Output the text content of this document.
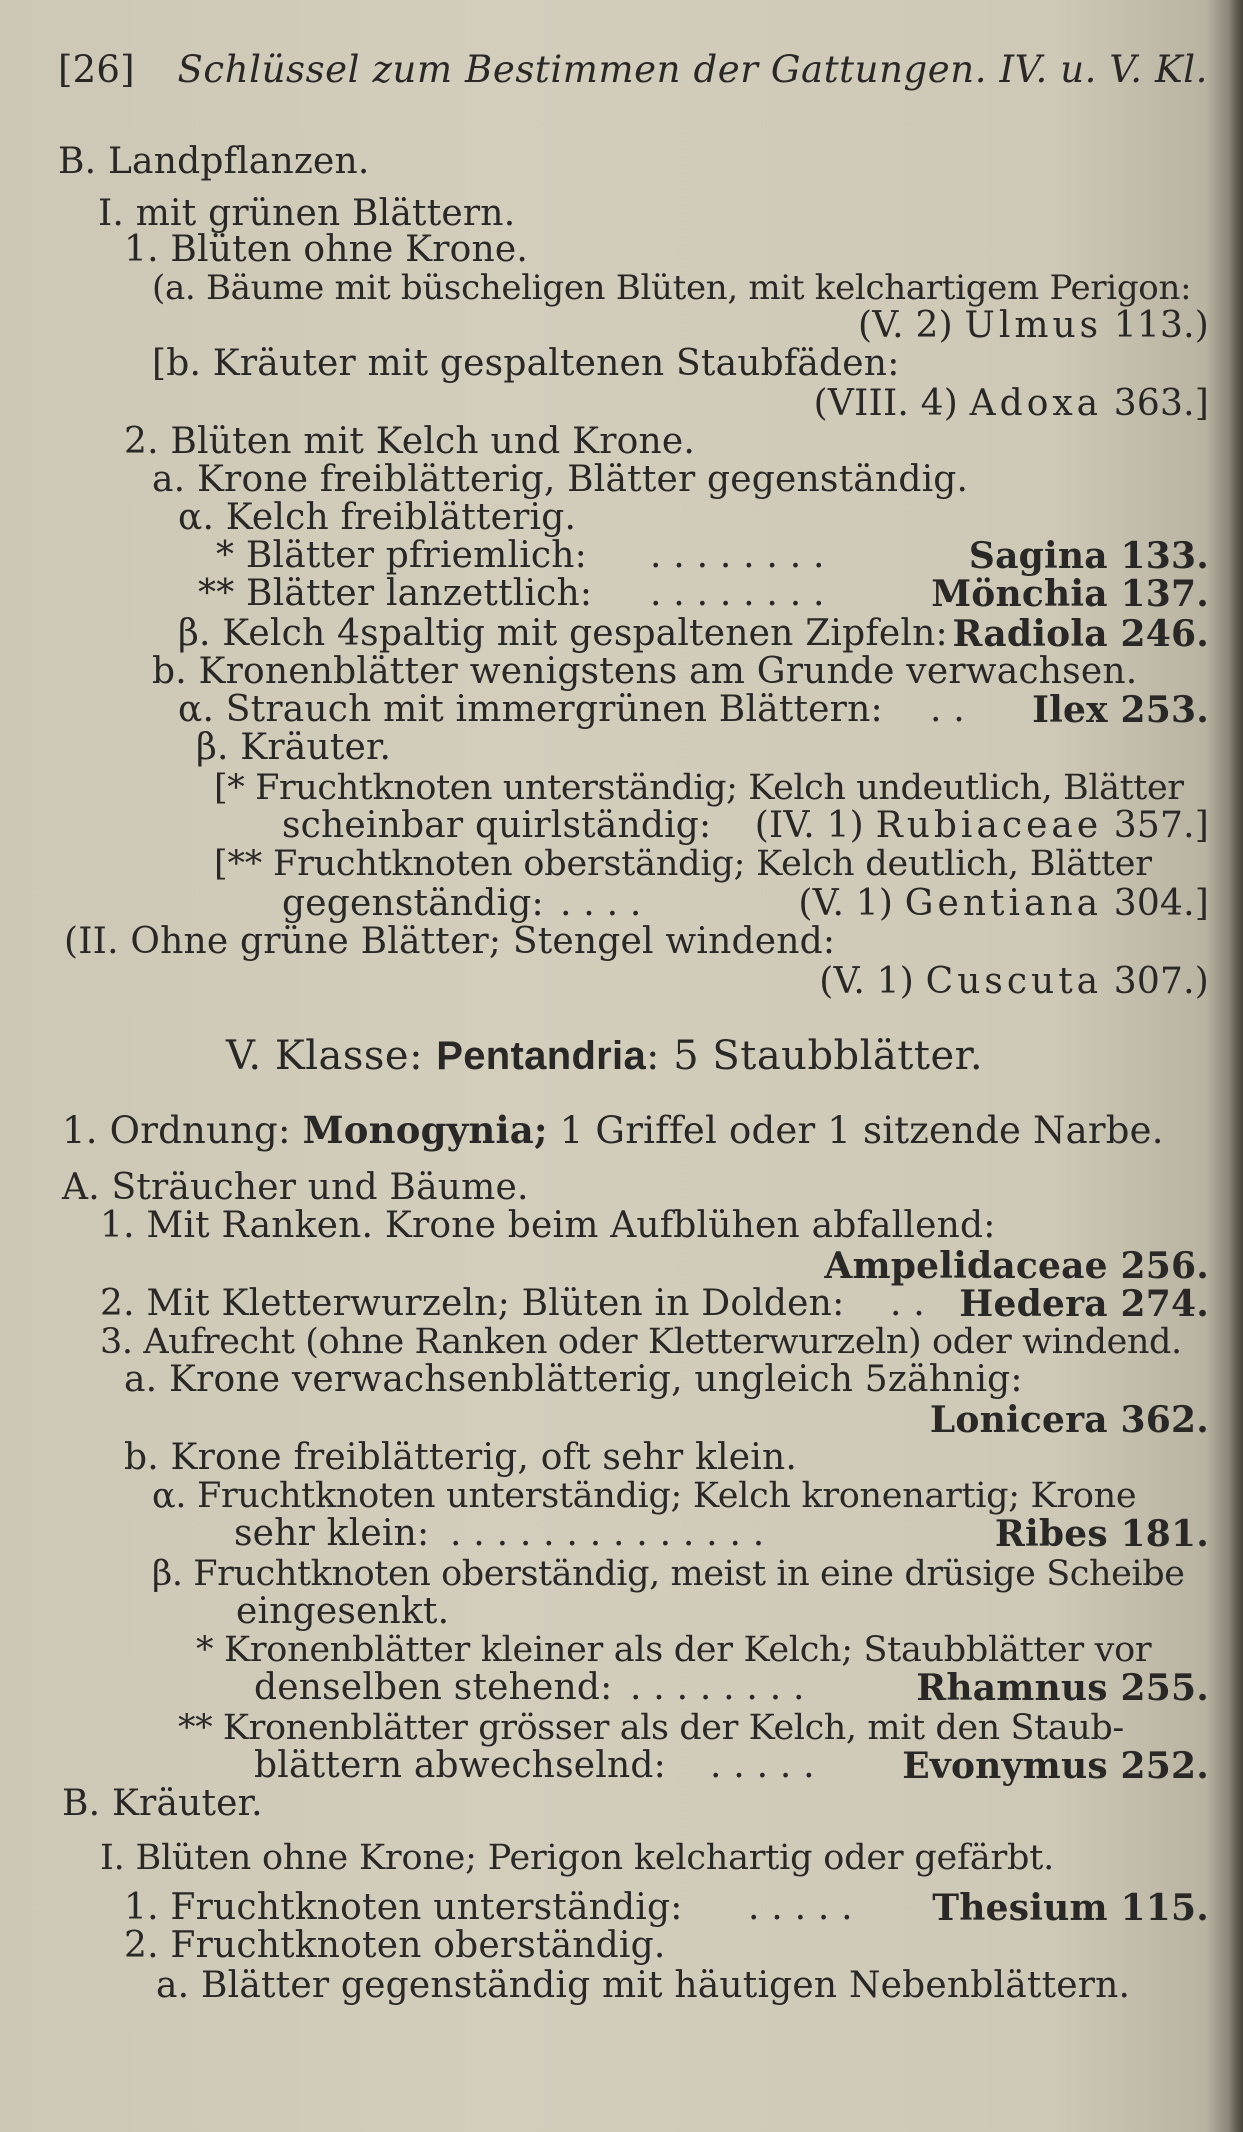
[26] Schlüssel zum Bestimmen der Gattungen. IV. u. V. Kl.
B. Landpflanzen.
I. mit grünen Blättern.
1. Blüten ohne Krone.
(a. Bäume mit büscheligen Blüten, mit kelchartigem Perigon:
(V. 2) Ulmus 113.)
[b. Kräuter mit gespaltenen Staubfäden:
(VIII. 4) Adoxa 363.]
2. Blüten mit Kelch und Krone.
a. Krone freiblätterig, Blätter gegenständig.
α. Kelch freiblätterig.
* Blätter pfriemlich: . . . . . . . .	Sagina 133.
** Blätter lanzettlich: . . . . . . . .	Mönchia 137.
β. Kelch 4spaltig mit gespaltenen Zipfeln: Radiola 246.
b. Kronenblätter wenigstens am Grunde verwachsen.
α. Strauch mit immergrünen Blättern: . . Ilex 253.
β. Kräuter.
[* Fruchtknoten unterständig; Kelch undeutlich, Blätter
scheinbar quirlständig: (IV. 1) Rubiaceae 357.]
[** Fruchtknoten oberständig; Kelch deutlich, Blätter
gegenständig: . . . .	(V. 1) Gentiana 304.]
(II. Ohne grüne Blätter; Stengel windend:
(V. 1) Cuscuta 307.)
V. Klasse: Pentandria: 5 Staubblätter.
1. Ordnung: Monogynia; 1 Griffel oder 1 sitzende Narbe.
A. Sträucher und Bäume.
1. Mit Ranken. Krone beim Aufblühen abfallend:
Ampelidaceae 256.
2. Mit Kletterwurzeln; Blüten in Dolden: . . Hedera 274.
3. Aufrecht (ohne Ranken oder Kletterwurzeln) oder windend.
a. Krone verwachsenblätterig, ungleich 5zähnig:
Lonicera 362.
b. Krone freiblätterig, oft sehr klein.
α. Fruchtknoten unterständig; Kelch kronenartig; Krone
sehr klein: . . . . . . . . . . . . . .	Ribes 181.
β. Fruchtknoten oberständig, meist in eine drüsige Scheibe
eingesenkt.
* Kronenblätter kleiner als der Kelch; Staubblätter vor
denselben stehend: . . . . . . . .	Rhamnus 255.
** Kronenblätter grösser als der Kelch, mit den Staub-
blättern abwechselnd: . . . . . Evonymus 252.
B. Kräuter.
I. Blüten ohne Krone; Perigon kelchartig oder gefärbt.
1. Fruchtknoten unterständig: . . . . . Thesium 115.
2. Fruchtknoten oberständig.
a. Blätter gegenständig mit häutigen Nebenblättern.
